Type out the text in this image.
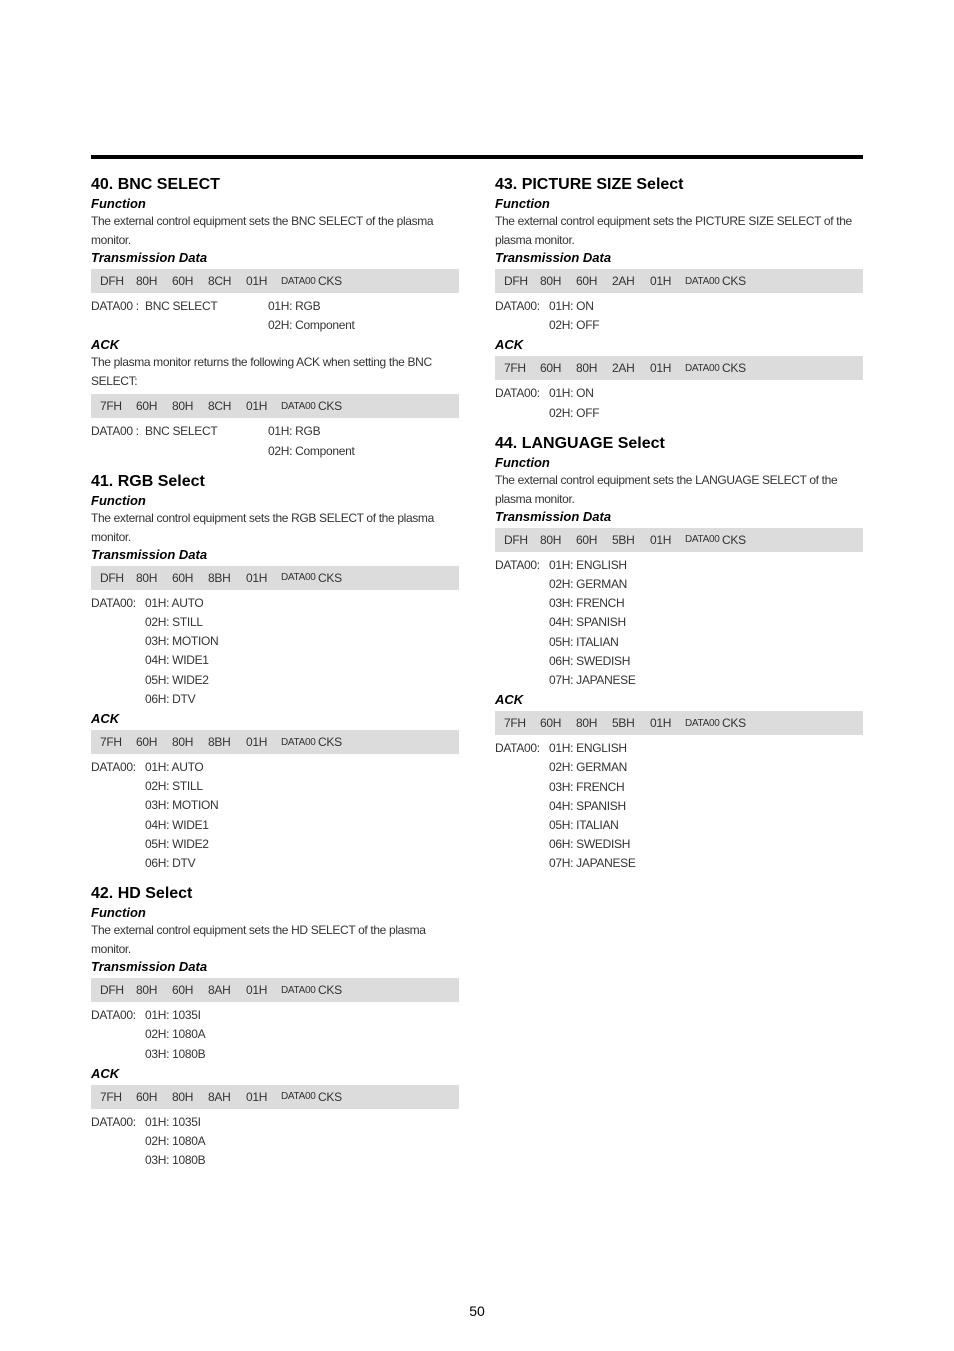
40. BNC SELECT
Function
The external control equipment sets the BNC SELECT of the plasma monitor.
Transmission Data
DFH	80H	60H	8CH	01H	DATA00 CKS
DATA00 : BNC SELECT	01H: RGB
02H: Component
ACK
The plasma monitor returns the following ACK when setting the BNC SELECT:
7FH	60H	80H	8CH	01H	DATA00 CKS
DATA00 : BNC SELECT	01H: RGB
02H: Component
41. RGB Select
Function
The external control equipment sets the RGB SELECT of the plasma monitor.
Transmission Data
DFH	80H	60H	8BH	01H	DATA00 CKS
DATA00: 01H: AUTO
02H: STILL
03H: MOTION
04H: WIDE1
05H: WIDE2
06H: DTV
ACK
7FH	60H	80H	8BH	01H	DATA00 CKS
DATA00: 01H: AUTO
02H: STILL
03H: MOTION
04H: WIDE1
05H: WIDE2
06H: DTV
42. HD Select
Function
The external control equipment sets the HD SELECT of the plasma monitor.
Transmission Data
DFH	80H	60H	8AH	01H	DATA00 CKS
DATA00: 01H: 1035I
02H: 1080A
03H: 1080B
ACK
7FH	60H	80H	8AH	01H	DATA00 CKS
DATA00: 01H: 1035I
02H: 1080A
03H: 1080B
43. PICTURE SIZE Select
Function
The external control equipment sets the PICTURE SIZE SELECT of the plasma monitor.
Transmission Data
DFH	80H	60H	2AH	01H	DATA00 CKS
DATA00: 01H: ON
02H: OFF
ACK
7FH	60H	80H	2AH	01H	DATA00 CKS
DATA00: 01H: ON
02H: OFF
44. LANGUAGE Select
Function
The external control equipment sets the LANGUAGE SELECT of the plasma monitor.
Transmission Data
DFH	80H	60H	5BH	01H	DATA00 CKS
DATA00: 01H: ENGLISH
02H: GERMAN
03H: FRENCH
04H: SPANISH
05H: ITALIAN
06H: SWEDISH
07H: JAPANESE
ACK
7FH	60H	80H	5BH	01H	DATA00 CKS
DATA00: 01H: ENGLISH
02H: GERMAN
03H: FRENCH
04H: SPANISH
05H: ITALIAN
06H: SWEDISH
07H: JAPANESE
50
